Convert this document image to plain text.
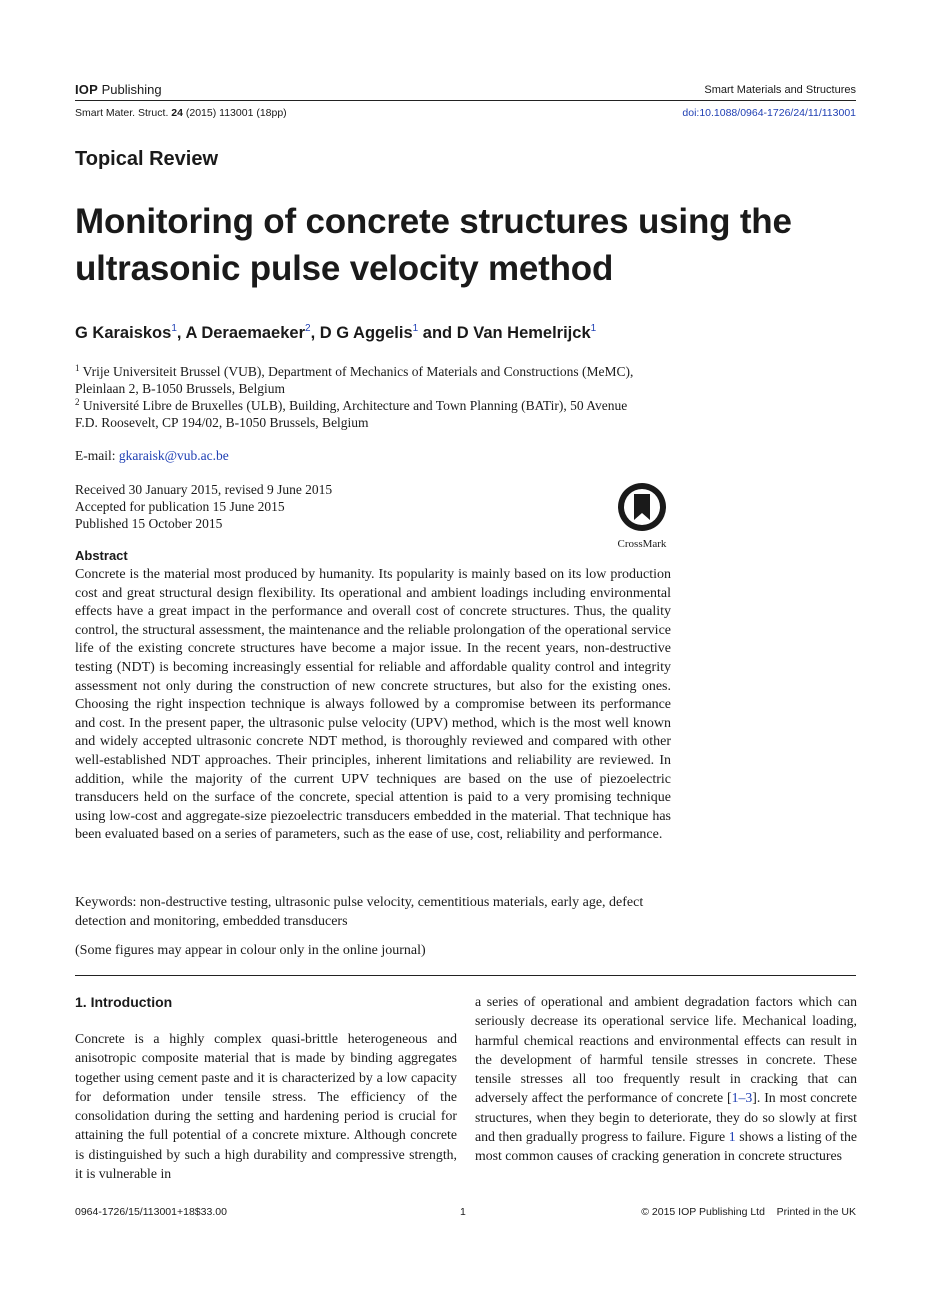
IOP Publishing	Smart Materials and Structures
Smart Mater. Struct. 24 (2015) 113001 (18pp)	doi:10.1088/0964-1726/24/11/113001
Topical Review
Monitoring of concrete structures using the
ultrasonic pulse velocity method
G Karaiskos$^1$, A Deraemaeker$^2$, D G Aggelis$^1$ and D Van Hemelrijck$^1$
$^1$ Vrije Universiteit Brussel (VUB), Department of Mechanics of Materials and Constructions (MeMC),
Pleinlaan 2, B-1050 Brussels, Belgium
$^2$ Université Libre de Bruxelles (ULB), Building, Architecture and Town Planning (BATir), 50 Avenue
F.D. Roosevelt, CP 194/02, B-1050 Brussels, Belgium
E-mail: gkaraisk@vub.ac.be
Received 30 January 2015, revised 9 June 2015
Accepted for publication 15 June 2015
Published 15 October 2015
CrossMark
Abstract
Concrete is the material most produced by humanity. Its popularity is mainly based on its low production cost and great structural design flexibility. Its operational and ambient loadings including environmental effects have a great impact in the performance and overall cost of concrete structures. Thus, the quality control, the structural assessment, the maintenance and the reliable prolongation of the operational service life of the existing concrete structures have become a major issue. In the recent years, non-destructive testing (NDT) is becoming increasingly essential for reliable and affordable quality control and integrity assessment not only during the construction of new concrete structures, but also for the existing ones. Choosing the right inspection technique is always followed by a compromise between its performance and cost. In the present paper, the ultrasonic pulse velocity (UPV) method, which is the most well known and widely accepted ultrasonic concrete NDT method, is thoroughly reviewed and compared with other well-established NDT approaches. Their principles, inherent limitations and reliability are reviewed. In addition, while the majority of the current UPV techniques are based on the use of piezoelectric transducers held on the surface of the concrete, special attention is paid to a very promising technique using low-cost and aggregate-size piezoelectric transducers embedded in the material. That technique has been evaluated based on a series of parameters, such as the ease of use, cost, reliability and performance.
Keywords: non-destructive testing, ultrasonic pulse velocity, cementitious materials, early age, defect detection and monitoring, embedded transducers
(Some figures may appear in colour only in the online journal)
1. Introduction
Concrete is a highly complex quasi-brittle heterogeneous and anisotropic composite material that is made by binding aggregates together using cement paste and it is characterized by a low capacity for deformation under tensile stress. The efficiency of the consolidation during the setting and hardening period is crucial for attaining the full potential of a concrete mixture. Although concrete is distinguished by such a high durability and compressive strength, it is vulnerable in
a series of operational and ambient degradation factors which can seriously decrease its operational service life. Mechanical loading, harmful chemical reactions and environmental effects can result in the development of harmful tensile stresses in concrete. These tensile stresses all too frequently result in cracking that can adversely affect the performance of concrete [1–3]. In most concrete structures, when they begin to deteriorate, they do so slowly at first and then gradually progress to failure. Figure 1 shows a listing of the most common causes of cracking generation in concrete structures
0964-1726/15/113001+18$33.00	1	© 2015 IOP Publishing Ltd    Printed in the UK
